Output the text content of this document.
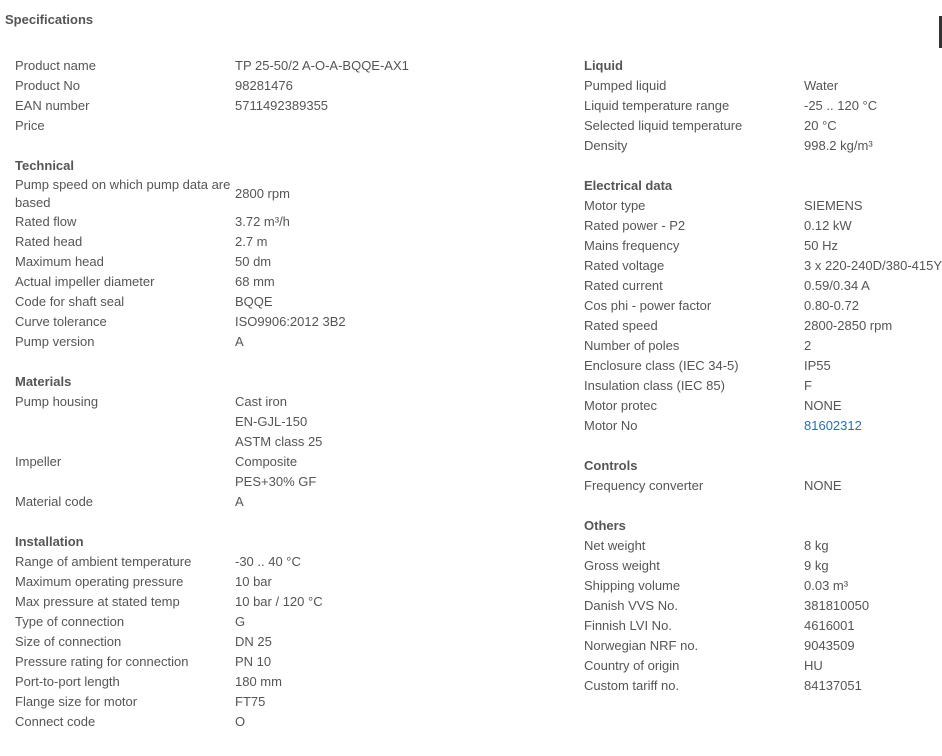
Specifications
Product name	TP 25-50/2 A-O-A-BQQE-AX1
Product No	98281476
EAN number	5711492389355
Price
Technical
Pump speed on which pump data are based
2800 rpm
Rated flow	3.72 m³/h
Rated head	2.7 m
Maximum head	50 dm
Actual impeller diameter	68 mm
Code for shaft seal	BQQE
Curve tolerance	ISO9906:2012 3B2
Pump version	A
Materials
Pump housing	Cast iron
EN-GJL-150
ASTM class 25
Impeller	Composite
PES+30% GF
Material code	A
Installation
Range of ambient temperature	-30 .. 40 °C
Maximum operating pressure	10 bar
Max pressure at stated temp	10 bar / 120 °C
Type of connection	G
Size of connection	DN 25
Pressure rating for connection	PN 10
Port-to-port length	180 mm
Flange size for motor	FT75
Connect code	O
Liquid
Pumped liquid	Water
Liquid temperature range	-25 .. 120 °C
Selected liquid temperature	20 °C
Density	998.2 kg/m³
Electrical data
Motor type	SIEMENS
Rated power - P2	0.12 kW
Mains frequency	50 Hz
Rated voltage	3 x 220-240D/380-415Y
Rated current	0.59/0.34 A
Cos phi - power factor	0.80-0.72
Rated speed	2800-2850 rpm
Number of poles	2
Enclosure class (IEC 34-5)	IP55
Insulation class (IEC 85)	F
Motor protec	NONE
Motor No	81602312
Controls
Frequency converter	NONE
Others
Net weight	8 kg
Gross weight	9 kg
Shipping volume	0.03 m³
Danish VVS No.	381810050
Finnish LVI No.	4616001
Norwegian NRF no.	9043509
Country of origin	HU
Custom tariff no.	84137051
